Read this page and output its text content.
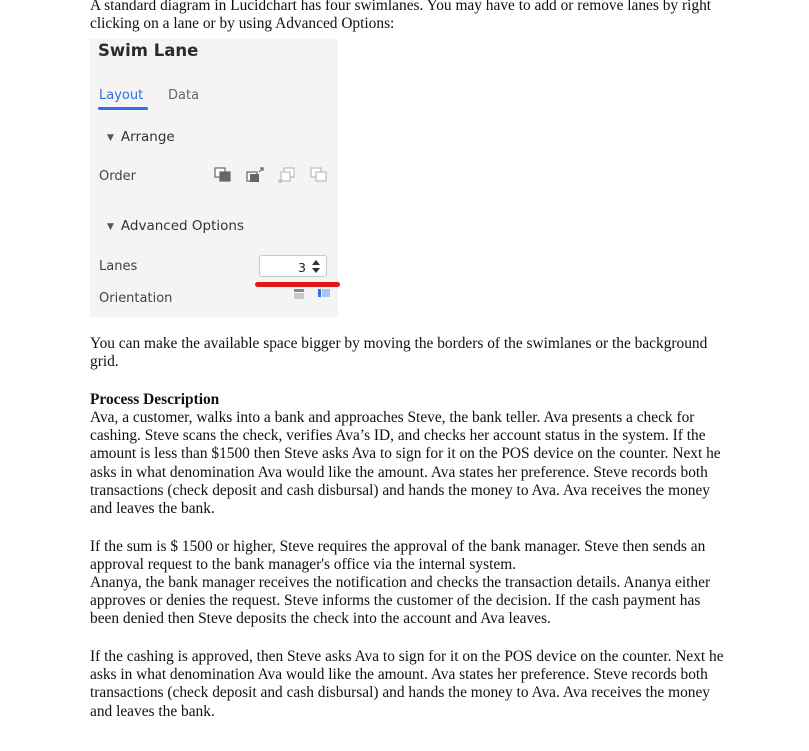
A standard diagram in Lucidchart has four swimlanes. You may have to add or remove lanes by right clicking on a lane or by using Advanced Options:

Swim Lane
Layout Data
▼ Arrange
Order
▼ Advanced Options
Lanes	3
Orientation

You can make the available space bigger by moving the borders of the swimlanes or the background grid.

Process Description

Ava, a customer, walks into a bank and approaches Steve, the bank teller. Ava presents a check for cashing. Steve scans the check, verifies Ava’s ID, and checks her account status in the system. If the amount is less than $1500 then Steve asks Ava to sign for it on the POS device on the counter. Next he asks in what denomination Ava would like the amount. Ava states her preference. Steve records both transactions (check deposit and cash disbursal) and hands the money to Ava. Ava receives the money and leaves the bank.

If the sum is $ 1500 or higher, Steve requires the approval of the bank manager. Steve then sends an approval request to the bank manager's office via the internal system.

Ananya, the bank manager receives the notification and checks the transaction details. Ananya either approves or denies the request. Steve informs the customer of the decision. If the cash payment has been denied then Steve deposits the check into the account and Ava leaves.

If the cashing is approved, then Steve asks Ava to sign for it on the POS device on the counter. Next he asks in what denomination Ava would like the amount. Ava states her preference. Steve records both transactions (check deposit and cash disbursal) and hands the money to Ava. Ava receives the money and leaves the bank.
